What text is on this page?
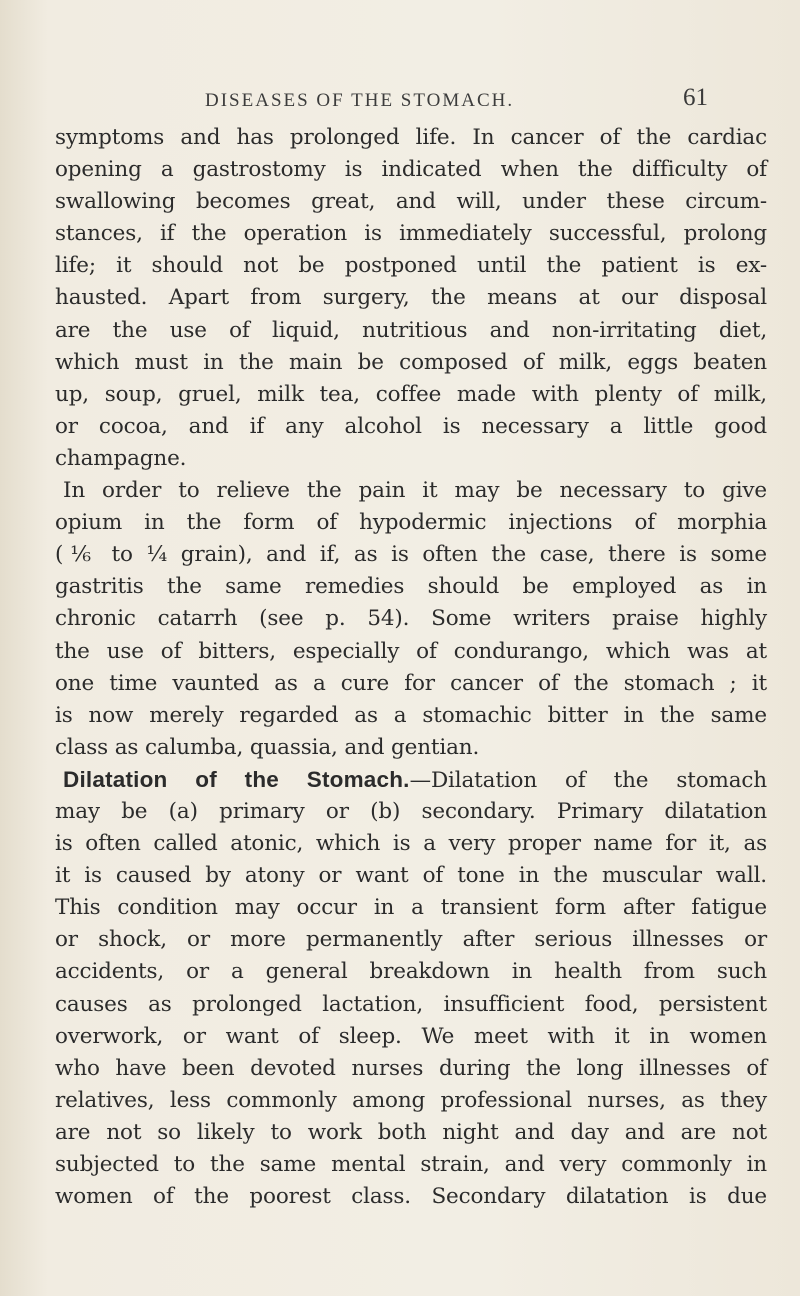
DISEASES OF THE STOMACH.	61
symptoms and has prolonged life. In cancer of the cardiac
opening a gastrostomy is indicated when the difficulty of
swallowing becomes great, and will, under these circum-
stances, if the operation is immediately successful, prolong
life; it should not be postponed until the patient is ex-
hausted. Apart from surgery, the means at our disposal
are the use of liquid, nutritious and non-irritating diet,
which must in the main be composed of milk, eggs beaten
up, soup, gruel, milk tea, coffee made with plenty of milk,
or cocoa, and if any alcohol is necessary a little good
champagne.
In order to relieve the pain it may be necessary to give
opium in the form of hypodermic injections of morphia
(⅙ to ¼ grain), and if, as is often the case, there is some
gastritis the same remedies should be employed as in
chronic catarrh (see p. 54). Some writers praise highly
the use of bitters, especially of condurango, which was at
one time vaunted as a cure for cancer of the stomach ; it
is now merely regarded as a stomachic bitter in the same
class as calumba, quassia, and gentian.
Dilatation of the Stomach.—Dilatation of the stomach
may be (a) primary or (b) secondary. Primary dilatation
is often called atonic, which is a very proper name for it, as
it is caused by atony or want of tone in the muscular wall.
This condition may occur in a transient form after fatigue
or shock, or more permanently after serious illnesses or
accidents, or a general breakdown in health from such
causes as prolonged lactation, insufficient food, persistent
overwork, or want of sleep. We meet with it in women
who have been devoted nurses during the long illnesses of
relatives, less commonly among professional nurses, as they
are not so likely to work both night and day and are not
subjected to the same mental strain, and very commonly in
women of the poorest class. Secondary dilatation is due
